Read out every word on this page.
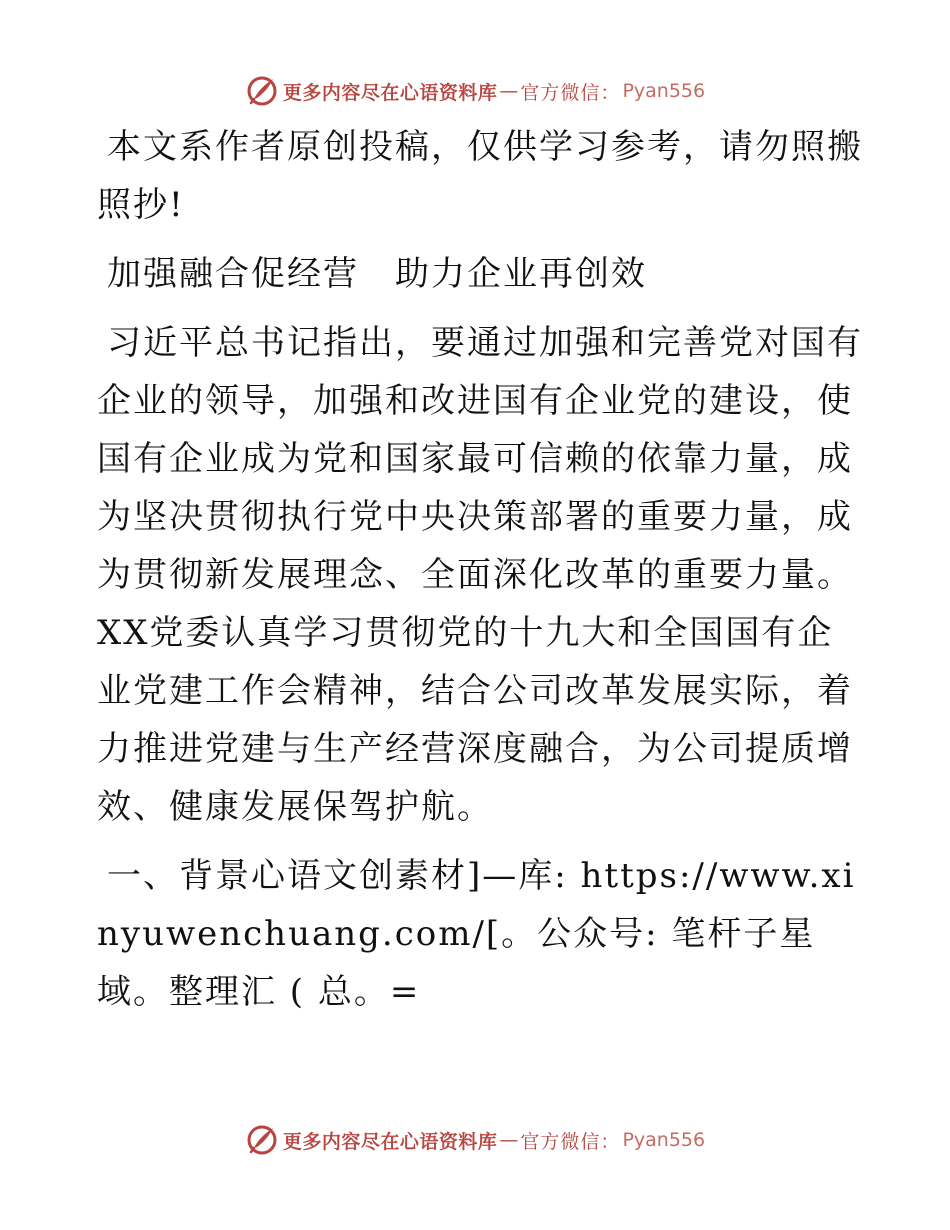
更多内容尽在心语资料库 — 官方微信： Pyan556

本文系作者原创投稿，仅供学习参考，请勿照搬照抄!

加强融合促经营　助力企业再创效

习近平总书记指出，要通过加强和完善党对国有企业的领导，加强和改进国有企业党的建设，使国有企业成为党和国家最可信赖的依靠力量，成为坚决贯彻执行党中央决策部署的重要力量，成为贯彻新发展理念、全面深化改革的重要力量。XX党委认真学习贯彻党的十九大和全国国有企业党建工作会精神，结合公司改革发展实际，着力推进党建与生产经营深度融合，为公司提质增效、健康发展保驾护航。

一、背景心语文创素材]—库: https://www.xinyuwenchuang.com/[。公众号: 笔杆子星域。整理汇 ( 总。=

更多内容尽在心语资料库 — 官方微信： Pyan556
